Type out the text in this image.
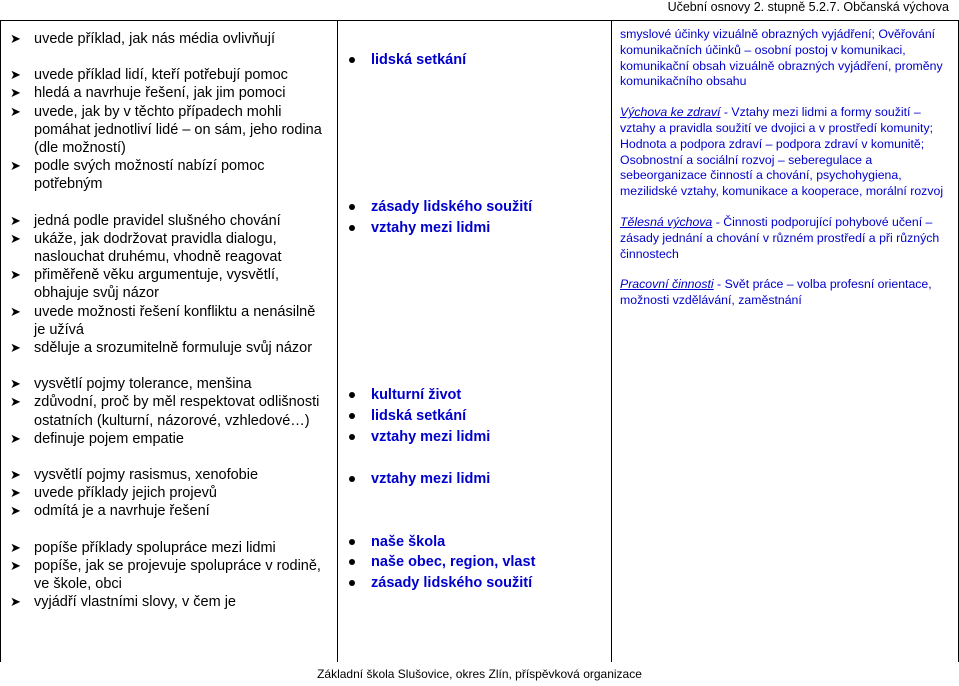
Učební osnovy 2. stupně 5.2.7. Občanská výchova
➤ uvede příklad, jak nás média ovlivňují
➤ uvede příklad lidí, kteří potřebují pomoc
➤ hledá a navrhuje řešení, jak jim pomoci
➤ uvede, jak by v těchto případech mohli pomáhat jednotliví lidé – on sám, jeho rodina (dle možností)
➤ podle svých možností nabízí pomoc potřebným
➤ jedná podle pravidel slušného chování
➤ ukáže, jak dodržovat pravidla dialogu, naslouchat druhému, vhodně reagovat
➤ přiměřeně věku argumentuje, vysvětlí, obhajuje svůj názor
➤ uvede možnosti řešení konfliktu a nenásilně je užívá
➤ sděluje a srozumitelně formuluje svůj názor
➤ vysvětlí pojmy tolerance, menšina
➤ zdůvodní, proč by měl respektovat odlišnosti ostatních (kulturní, názorové, vzhledové…)
➤ definuje pojem empatie
➤ vysvětlí pojmy rasismus, xenofobie
➤ uvede příklady jejich projevů
➤ odmítá je a navrhuje řešení
➤ popíše příklady spolupráce mezi lidmi
➤ popíše, jak se projevuje spolupráce v rodině, ve škole, obci
➤ vyjádří vlastními slovy, v čem je
lidská setkání
zásady lidského soužití
vztahy mezi lidmi
kulturní život
lidská setkání
vztahy mezi lidmi
vztahy mezi lidmi
naše škola
naše obec, region, vlast
zásady lidského soužití
smyslové účinky vizuálně obrazných vyjádření; Ověřování komunikačních účinků – osobní postoj v komunikaci, komunikační obsah vizuálně obrazných vyjádření, proměny komunikačního obsahu
Výchova ke zdraví - Vztahy mezi lidmi a formy soužití – vztahy a pravidla soužití ve dvojici a v prostředí komunity; Hodnota a podpora zdraví – podpora zdraví v komunitě; Osobnostní a sociální rozvoj – seberegulace a sebeorganizace činností a chování, psychohygiena, mezilidské vztahy, komunikace a kooperace, morální rozvoj
Tělesná výchova - Činnosti podporující pohybové učení – zásady jednání a chování v různém prostředí a při různých činnostech
Pracovní činnosti - Svět práce – volba profesní orientace, možnosti vzdělávání, zaměstnání
Základní škola Slušovice, okres Zlín, příspěvková organizace
